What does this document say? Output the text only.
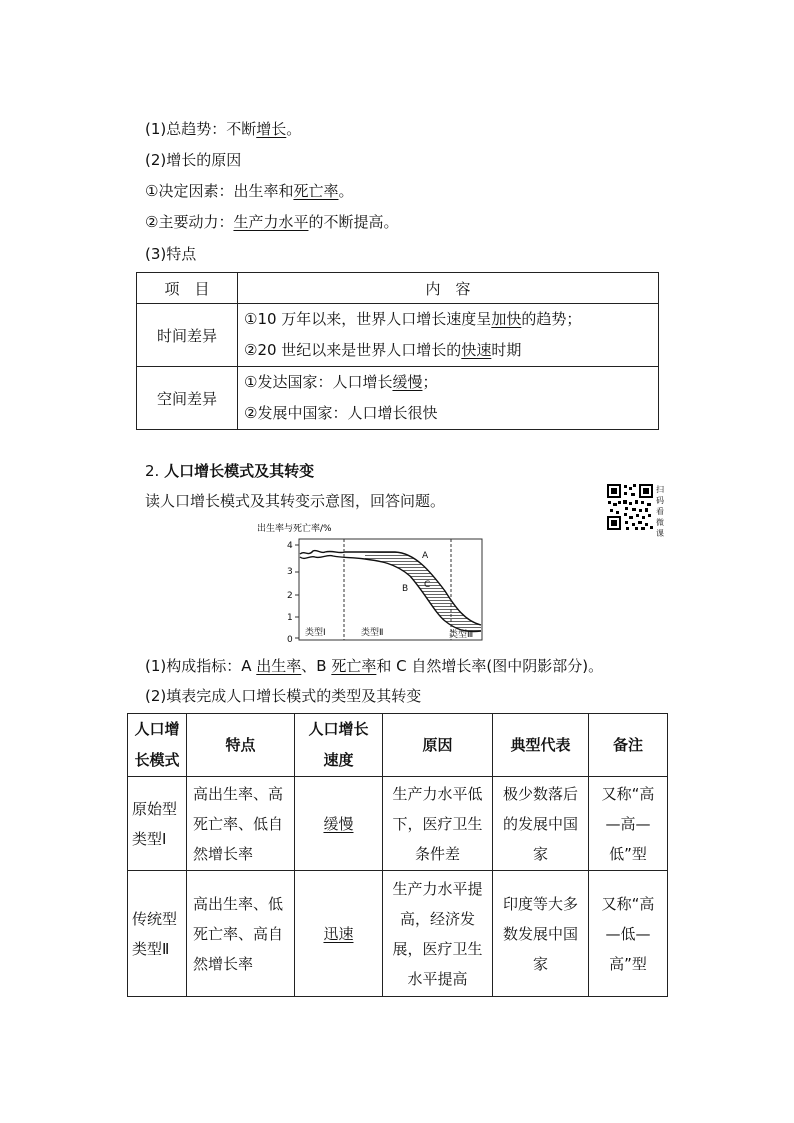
(1)总趋势：不断增长。
(2)增长的原因
①决定因素：出生率和死亡率。
②主要动力：生产力水平的不断提高。
(3)特点
项　目	内　容
时间差异	①10 万年以来，世界人口增长速度呈加快的趋势；
②20 世纪以来是世界人口增长的快速时期

空间差异	①发达国家：人口增长缓慢；
②发展中国家：人口增长很快
2. 人口增长模式及其转变
读人口增长模式及其转变示意图，回答问题。
扫码看微课
出生率与死亡率/%
0
1
2
3
4
A
B C
类型Ⅰ	类型Ⅱ	类型Ⅲ
(1)构成指标：A 出生率、B 死亡率和 C 自然增长率(图中阴影部分)。
(2)填表完成人口增长模式的类型及其转变
人口增长模式	特点	人口增长速度	原因	典型代表	备注

原始型类型Ⅰ	高出生率、高死亡率、低自然增长率	缓慢	生产力水平低下，医疗卫生条件差	极少数落后的发展中国家	又称“高—高—低”型

传统型类型Ⅱ	高出生率、低死亡率、高自然增长率	迅速	生产力水平提高，经济发展，医疗卫生水平提高	印度等大多数发展中国家	又称“高—低—高”型
